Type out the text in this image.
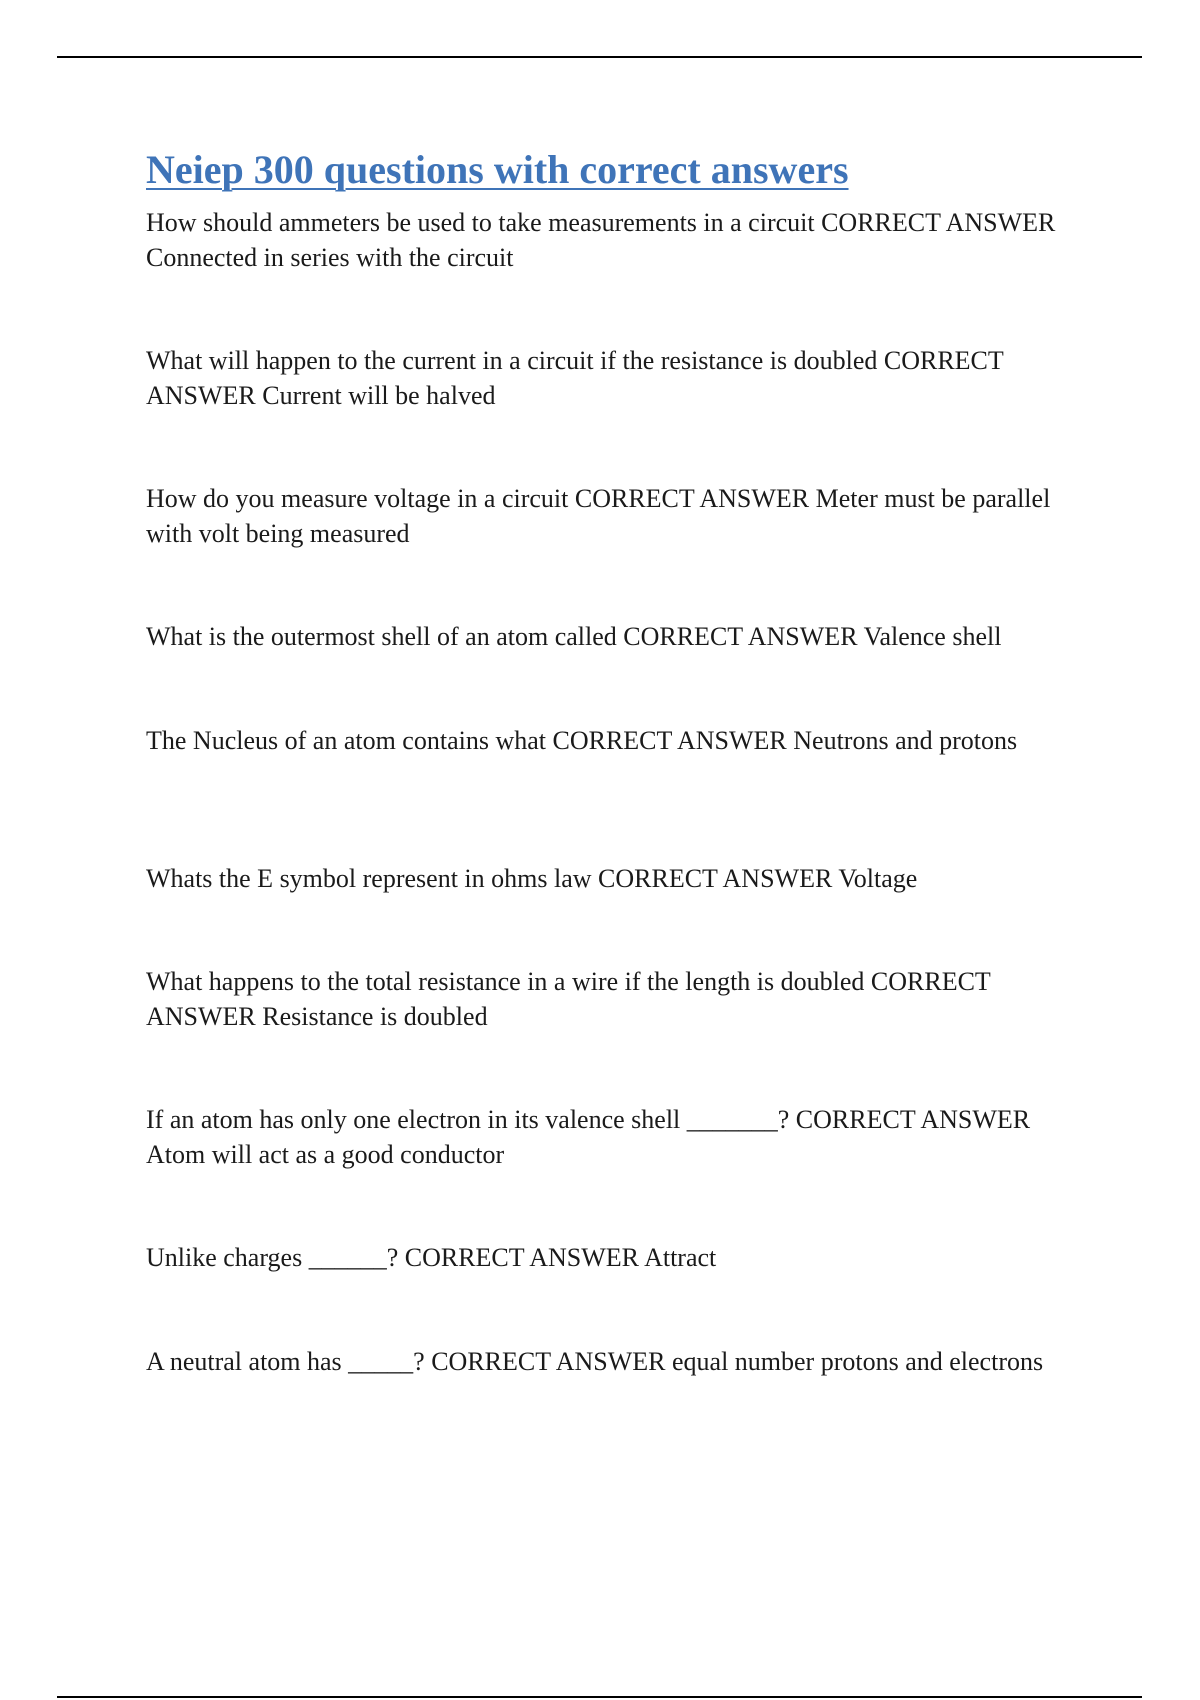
Neiep 300 questions with correct answers
How should ammeters be used to take measurements in a circuit CORRECT ANSWER Connected in series with the circuit
What will happen to the current in a circuit if the resistance is doubled CORRECT ANSWER Current will be halved
How do you measure voltage in a circuit CORRECT ANSWER Meter must be parallel with volt being measured
What is the outermost shell of an atom called CORRECT ANSWER Valence shell
The Nucleus of an atom contains what CORRECT ANSWER Neutrons and protons
Whats the E symbol represent in ohms law CORRECT ANSWER Voltage
What happens to the total resistance in a wire if the length is doubled CORRECT ANSWER Resistance is doubled
If an atom has only one electron in its valence shell _______? CORRECT ANSWER Atom will act as a good conductor
Unlike charges ______? CORRECT ANSWER Attract
A neutral atom has _____? CORRECT ANSWER equal number protons and electrons
